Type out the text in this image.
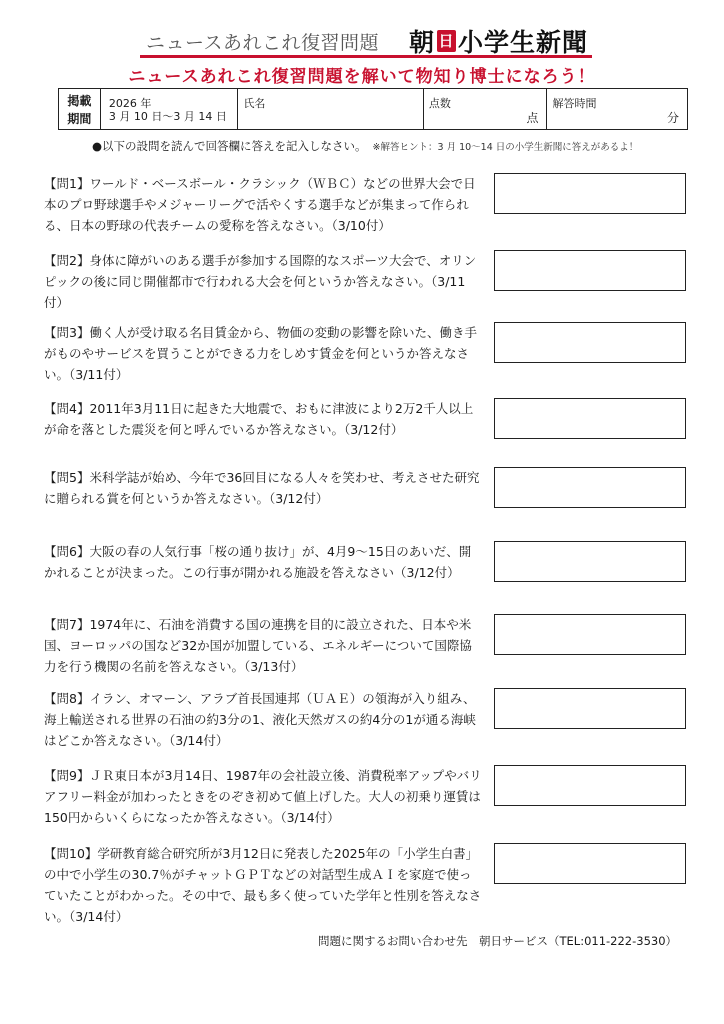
ニュースあれこれ復習問題 朝 日 小学生新聞
ニュースあれこれ復習問題を解いて物知り博士になろう！
掲載
期間
2026 年
3 月 10 日～3 月 14 日
氏名	点数
点
解答時間
分
●以下の設問を読んで回答欄に答えを記入しなさい。 ※解答ヒント：3 月 10～14 日の小学生新聞に答えがあるよ！
【問1】ワールド・ベースボール・クラシック（ＷＢＣ）などの世界大会で日本のプロ野球選手やメジャーリーグで活やくする選手などが集まって作られる、日本の野球の代表チームの愛称を答えなさい。（3/10付）
【問2】身体に障がいのある選手が参加する国際的なスポーツ大会で、オリンピックの後に同じ開催都市で行われる大会を何というか答えなさい。（3/11付）
【問3】働く人が受け取る名目賃金から、物価の変動の影響を除いた、働き手がものやサービスを買うことができる力をしめす賃金を何というか答えなさい。（3/11付）
【問4】2011年3月11日に起きた大地震で、おもに津波により2万2千人以上が命を落とした震災を何と呼んでいるか答えなさい。（3/12付）
【問5】米科学誌が始め、今年で36回目になる人々を笑わせ、考えさせた研究に贈られる賞を何というか答えなさい。（3/12付）
【問6】大阪の春の人気行事「桜の通り抜け」が、4月9～15日のあいだ、開かれることが決まった。この行事が開かれる施設を答えなさい（3/12付）
【問7】1974年に、石油を消費する国の連携を目的に設立された、日本や米国、ヨーロッパの国など32か国が加盟している、エネルギーについて国際協力を行う機関の名前を答えなさい。（3/13付）
【問8】イラン、オマーン、アラブ首長国連邦（ＵＡＥ）の領海が入り組み、海上輸送される世界の石油の約3分の1、液化天然ガスの約4分の1が通る海峡はどこか答えなさい。（3/14付）
【問9】ＪＲ東日本が3月14日、1987年の会社設立後、消費税率アップやバリアフリー料金が加わったときをのぞき初めて値上げした。大人の初乗り運賃は150円からいくらになったか答えなさい。（3/14付）
【問10】学研教育総合研究所が3月12日に発表した2025年の「小学生白書」の中で小学生の30.7％がチャットＧＰＴなどの対話型生成ＡＩを家庭で使っていたことがわかった。その中で、最も多く使っていた学年と性別を答えなさい。（3/14付）
問題に関するお問い合わせ先　朝日サービス（TEL:011-222-3530）
